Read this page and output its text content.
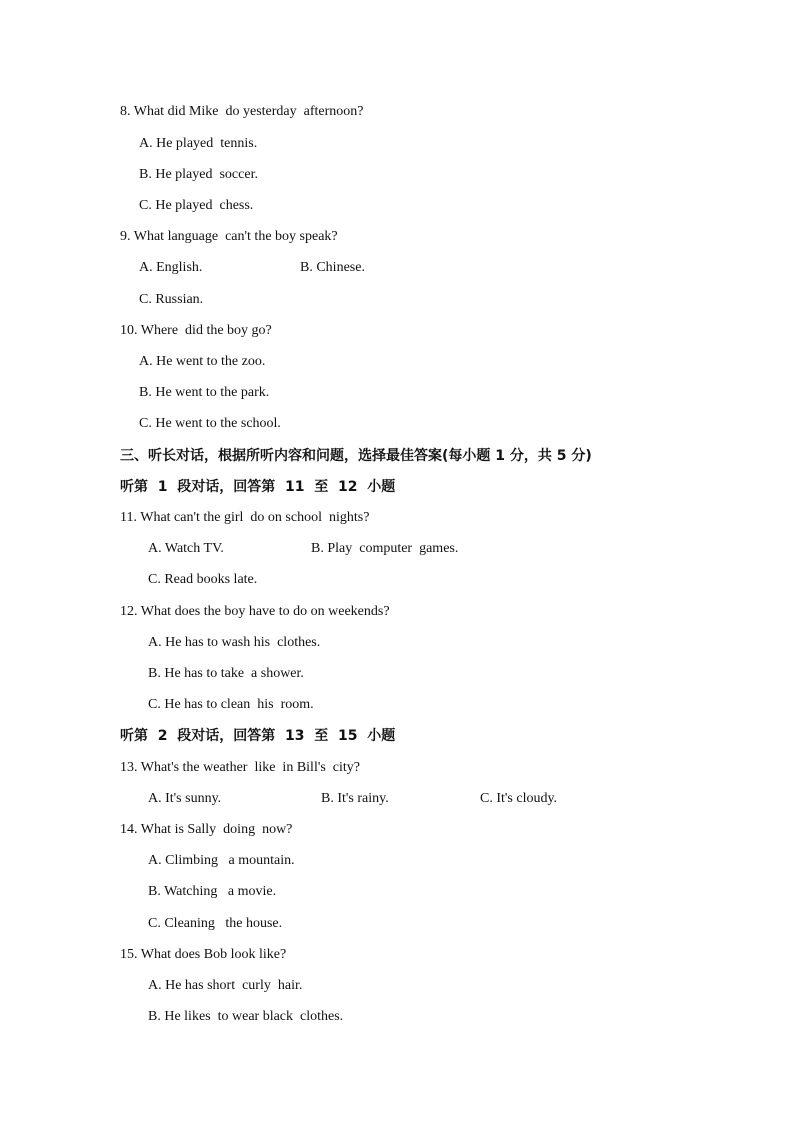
8. What did Mike  do yesterday  afternoon?
A. He played  tennis.
B. He played  soccer.
C. He played  chess.
9. What language  can't the boy speak?
A. English.	B. Chinese.
C. Russian.
10. Where  did the boy go?
A. He went to the zoo.
B. He went to the park.
C. He went to the school.
三、听长对话，根据所听内容和问题，选择最佳答案(每小题 1 分，共 5 分)
听第  1  段对话，回答第  11  至  12  小题
11. What can't the girl  do on school  nights?
A. Watch TV.	B. Play  computer  games.
C. Read books late.
12. What does the boy have to do on weekends?
A. He has to wash his  clothes.
B. He has to take  a shower.
C. He has to clean  his  room.
听第  2  段对话，回答第  13  至  15  小题
13. What's the weather  like  in Bill's  city?
A. It's sunny.	B. It's rainy.	C. It's cloudy.
14. What is Sally  doing  now?
A. Climbing   a mountain.
B. Watching   a movie.
C. Cleaning   the house.
15. What does Bob look like?
A. He has short  curly  hair.
B. He likes  to wear black  clothes.
